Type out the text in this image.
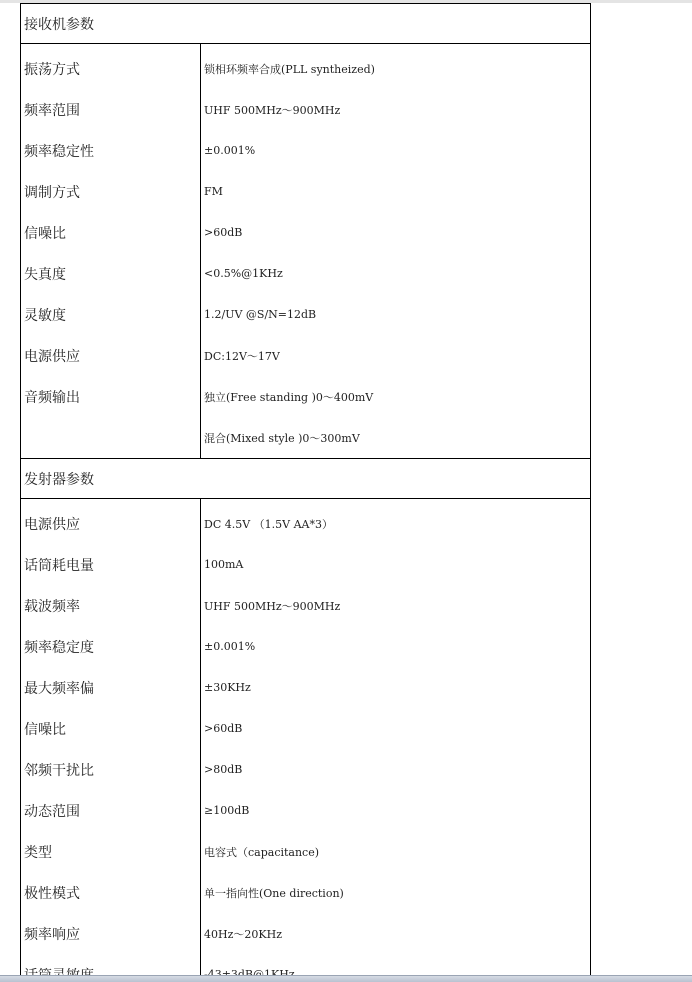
接收机参数	
振荡方式	锁相环频率合成(PLL syntheized)
频率范围	UHF 500MHz～900MHz
频率稳定性	±0.001%
调制方式	FM
信噪比	>60dB
失真度	<0.5%@1KHz
灵敏度	1.2/UV @S/N=12dB
电源供应	DC:12V～17V
音频输出	独立(Free standing )0～400mV
	混合(Mixed style )0～300mV
发射器参数	
电源供应	DC 4.5V （1.5V AA*3）
话筒耗电量	100mA
载波频率	UHF 500MHz～900MHz
频率稳定度	±0.001%
最大频率偏	±30KHz
信噪比	>60dB
邻频干扰比	>80dB
动态范围	≥100dB
类型	电容式（capacitance)
极性模式	单一指向性(One direction)
频率响应	40Hz～20KHz
